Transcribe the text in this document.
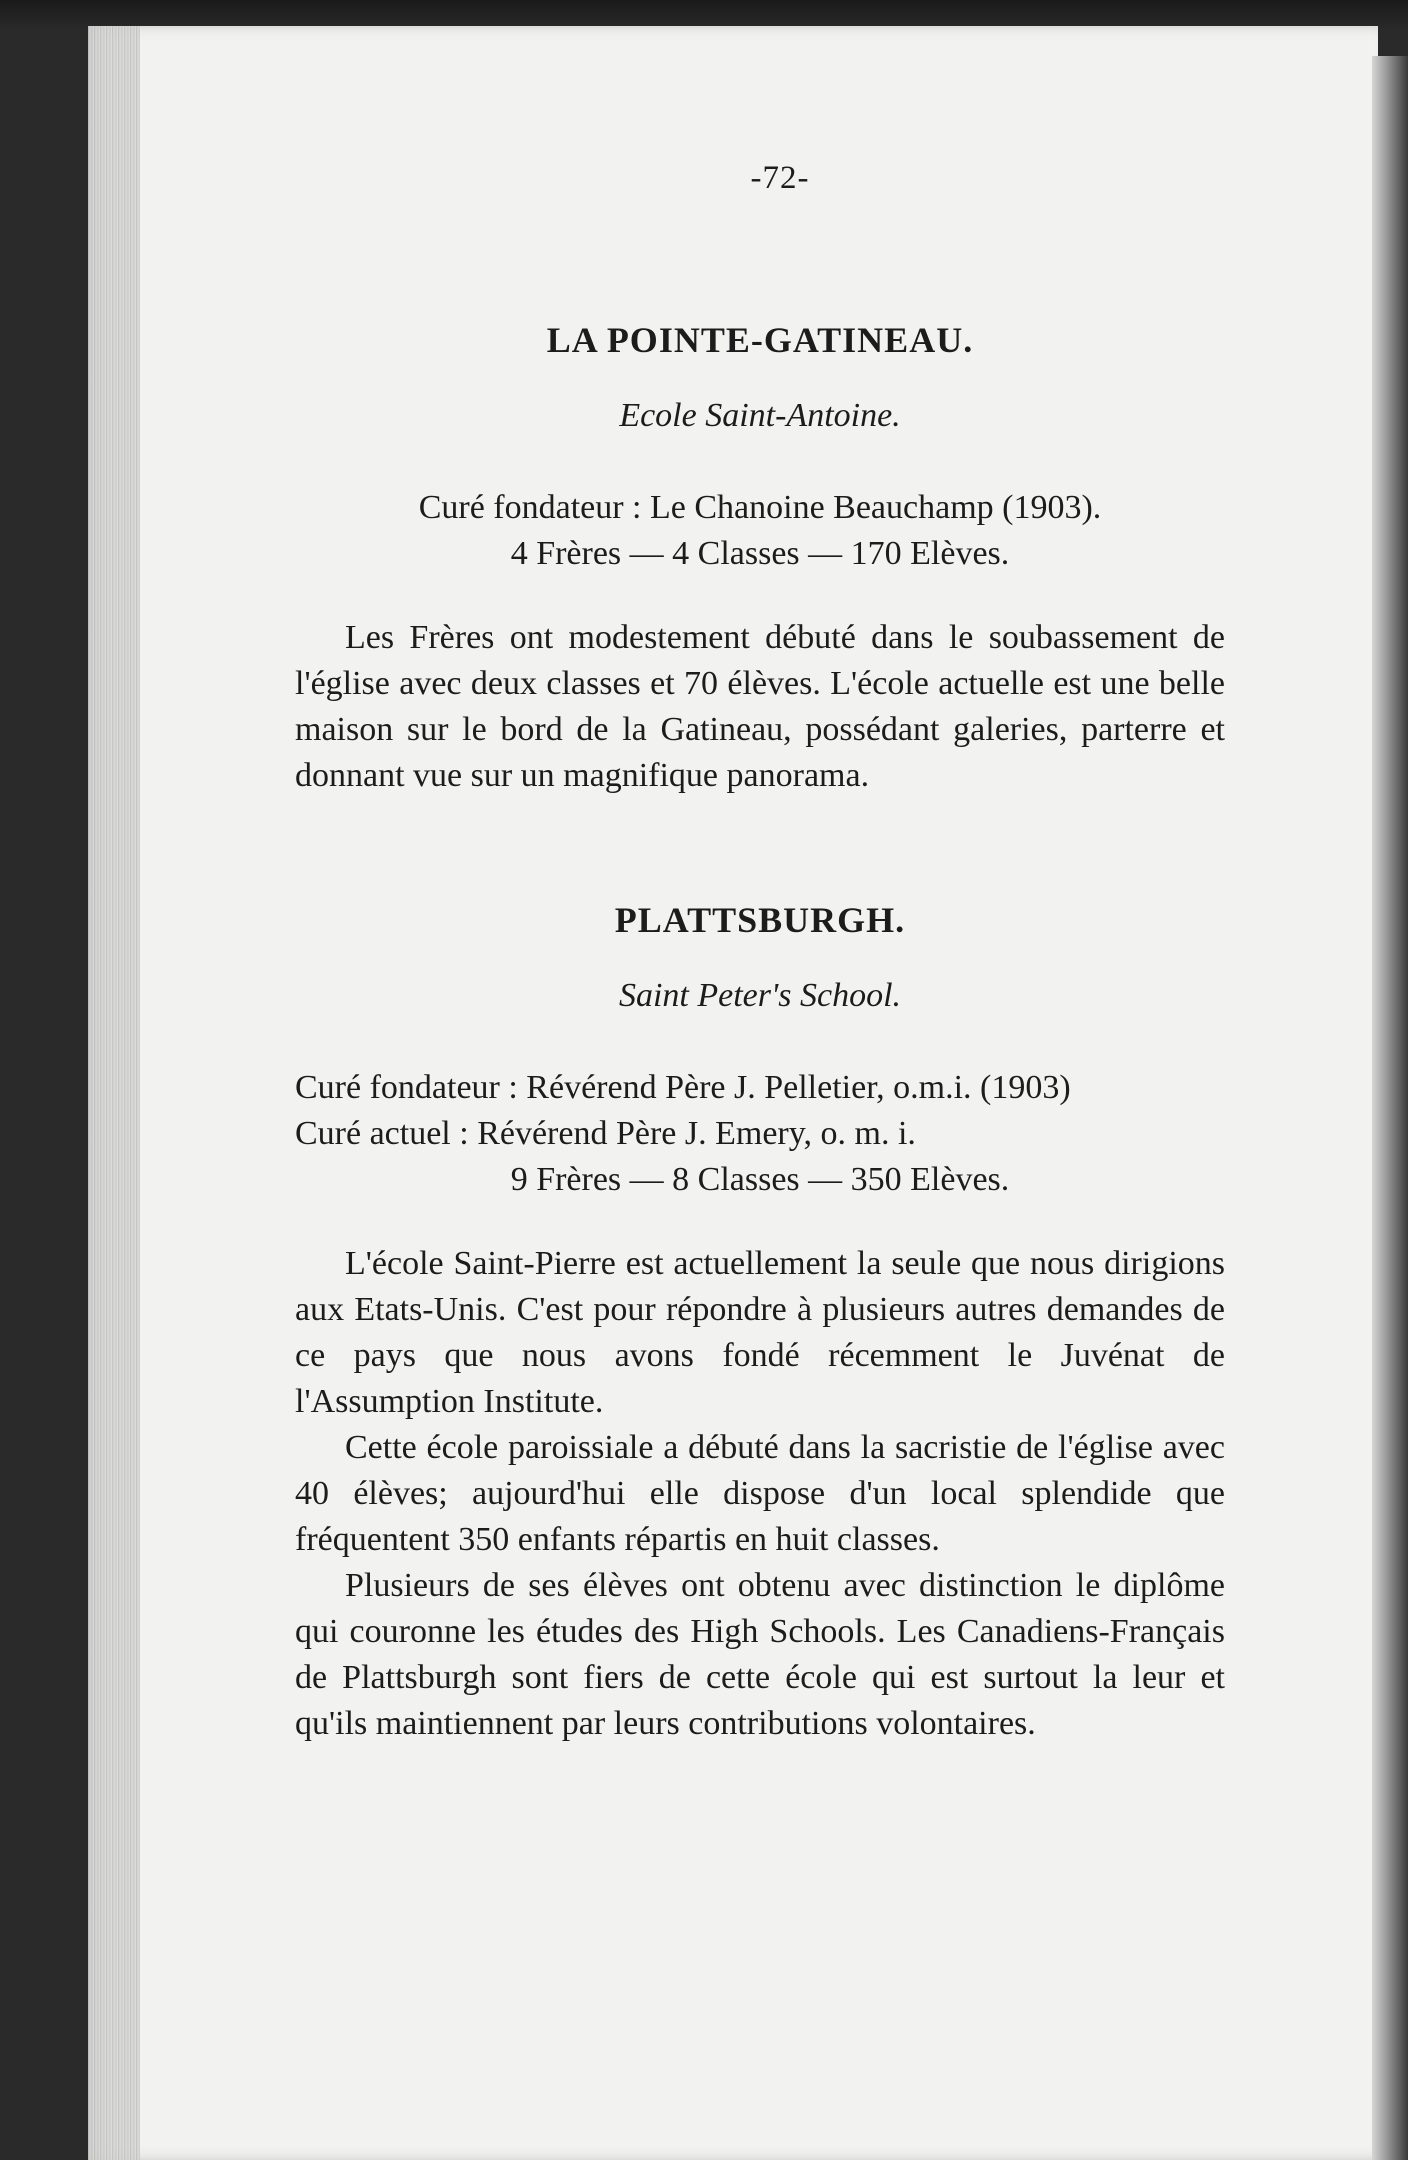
-72-

LA POINTE-GATINEAU.

Ecole Saint-Antoine.

Curé fondateur : Le Chanoine Beauchamp (1903).

4 Frères — 4 Classes — 170 Elèves.

Les Frères ont modestement débuté dans le soubassement de l'église avec deux classes et 70 élèves. L'école actuelle est une belle maison sur le bord de la Gatineau, possédant galeries, parterre et donnant vue sur un magnifique panorama.

PLATTSBURGH.

Saint Peter's School.

Curé fondateur : Révérend Père J. Pelletier, o.m.i. (1903)

Curé actuel : Révérend Père J. Emery, o. m. i.

9 Frères — 8 Classes — 350 Elèves.

L'école Saint-Pierre est actuellement la seule que nous dirigions aux Etats-Unis. C'est pour répondre à plusieurs autres demandes de ce pays que nous avons fondé récemment le Juvénat de l'Assumption Institute.

Cette école paroissiale a débuté dans la sacristie de l'église avec 40 élèves; aujourd'hui elle dispose d'un local splendide que fréquentent 350 enfants répartis en huit classes.

Plusieurs de ses élèves ont obtenu avec distinction le diplôme qui couronne les études des High Schools. Les Canadiens-Français de Plattsburgh sont fiers de cette école qui est surtout la leur et qu'ils maintiennent par leurs contributions volontaires.
